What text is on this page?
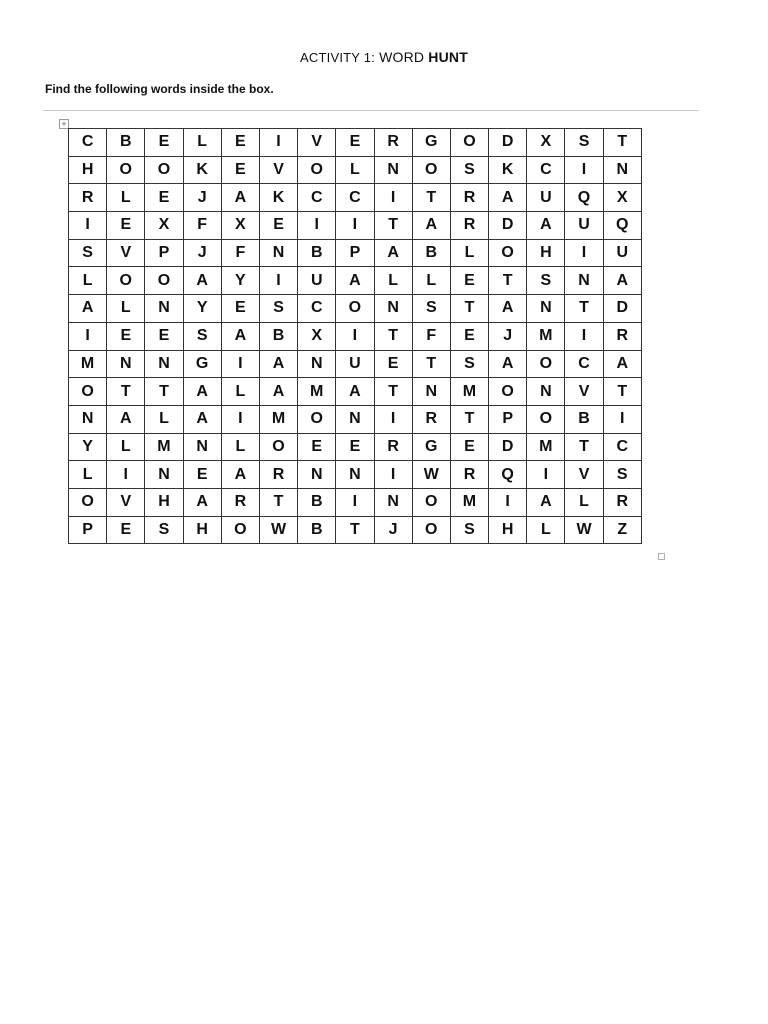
ACTIVITY 1: WORD HUNT
Find the following words inside the box.
+
C	B	E	L	E	I	V	E	R	G	O	D	X	S	T
H	O	O	K	E	V	O	L	N	O	S	K	C	I	N
R	L	E	J	A	K	C	C	I	T	R	A	U	Q	X
I	E	X	F	X	E	I	I	T	A	R	D	A	U	Q
S	V	P	J	F	N	B	P	A	B	L	O	H	I	U
L	O	O	A	Y	I	U	A	L	L	E	T	S	N	A
A	L	N	Y	E	S	C	O	N	S	T	A	N	T	D
I	E	E	S	A	B	X	I	T	F	E	J	M	I	R
M	N	N	G	I	A	N	U	E	T	S	A	O	C	A
O	T	T	A	L	A	M	A	T	N	M	O	N	V	T
N	A	L	A	I	M	O	N	I	R	T	P	O	B	I
Y	L	M	N	L	O	E	E	R	G	E	D	M	T	C
L	I	N	E	A	R	N	N	I	W	R	Q	I	V	S
O	V	H	A	R	T	B	I	N	O	M	I	A	L	R
P	E	S	H	O	W	B	T	J	O	S	H	L	W	Z
